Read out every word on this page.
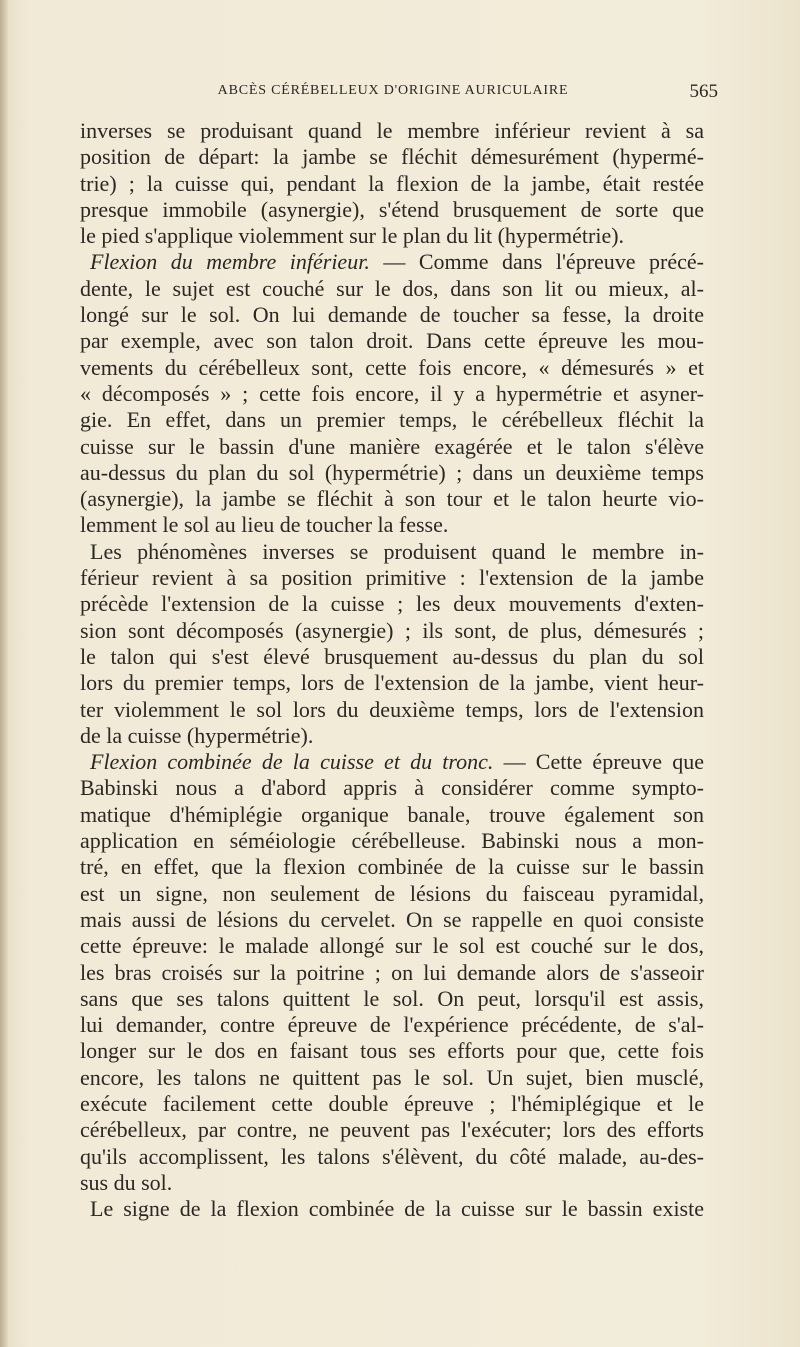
ABCÈS CÉRÉBELLEUX D'ORIGINE AURICULAIRE	565

inverses se produisant quand le membre inférieur revient à sa

position de départ: la jambe se fléchit démesurément (hypermé-

trie) ; la cuisse qui, pendant la flexion de la jambe, était restée

presque immobile (asynergie), s'étend brusquement de sorte que

le pied s'applique violemment sur le plan du lit (hypermétrie).

Flexion du membre inférieur. — Comme dans l'épreuve précé-

dente, le sujet est couché sur le dos, dans son lit ou mieux, al-

longé sur le sol. On lui demande de toucher sa fesse, la droite

par exemple, avec son talon droit. Dans cette épreuve les mou-

vements du cérébelleux sont, cette fois encore, « démesurés » et

« décomposés » ; cette fois encore, il y a hypermétrie et asyner-

gie. En effet, dans un premier temps, le cérébelleux fléchit la

cuisse sur le bassin d'une manière exagérée et le talon s'élève

au-dessus du plan du sol (hypermétrie) ; dans un deuxième temps

(asynergie), la jambe se fléchit à son tour et le talon heurte vio-

lemment le sol au lieu de toucher la fesse.

Les phénomènes inverses se produisent quand le membre in-

férieur revient à sa position primitive : l'extension de la jambe

précède l'extension de la cuisse ; les deux mouvements d'exten-

sion sont décomposés (asynergie) ; ils sont, de plus, démesurés ;

le talon qui s'est élevé brusquement au-dessus du plan du sol

lors du premier temps, lors de l'extension de la jambe, vient heur-

ter violemment le sol lors du deuxième temps, lors de l'extension

de la cuisse (hypermétrie).

Flexion combinée de la cuisse et du tronc. — Cette épreuve que

Babinski nous a d'abord appris à considérer comme sympto-

matique d'hémiplégie organique banale, trouve également son

application en séméiologie cérébelleuse. Babinski nous a mon-

tré, en effet, que la flexion combinée de la cuisse sur le bassin

est un signe, non seulement de lésions du faisceau pyramidal,

mais aussi de lésions du cervelet. On se rappelle en quoi consiste

cette épreuve: le malade allongé sur le sol est couché sur le dos,

les bras croisés sur la poitrine ; on lui demande alors de s'asseoir

sans que ses talons quittent le sol. On peut, lorsqu'il est assis,

lui demander, contre épreuve de l'expérience précédente, de s'al-

longer sur le dos en faisant tous ses efforts pour que, cette fois

encore, les talons ne quittent pas le sol. Un sujet, bien musclé,

exécute facilement cette double épreuve ; l'hémiplégique et le

cérébelleux, par contre, ne peuvent pas l'exécuter; lors des efforts

qu'ils accomplissent, les talons s'élèvent, du côté malade, au-des-

sus du sol.

Le signe de la flexion combinée de la cuisse sur le bassin existe
